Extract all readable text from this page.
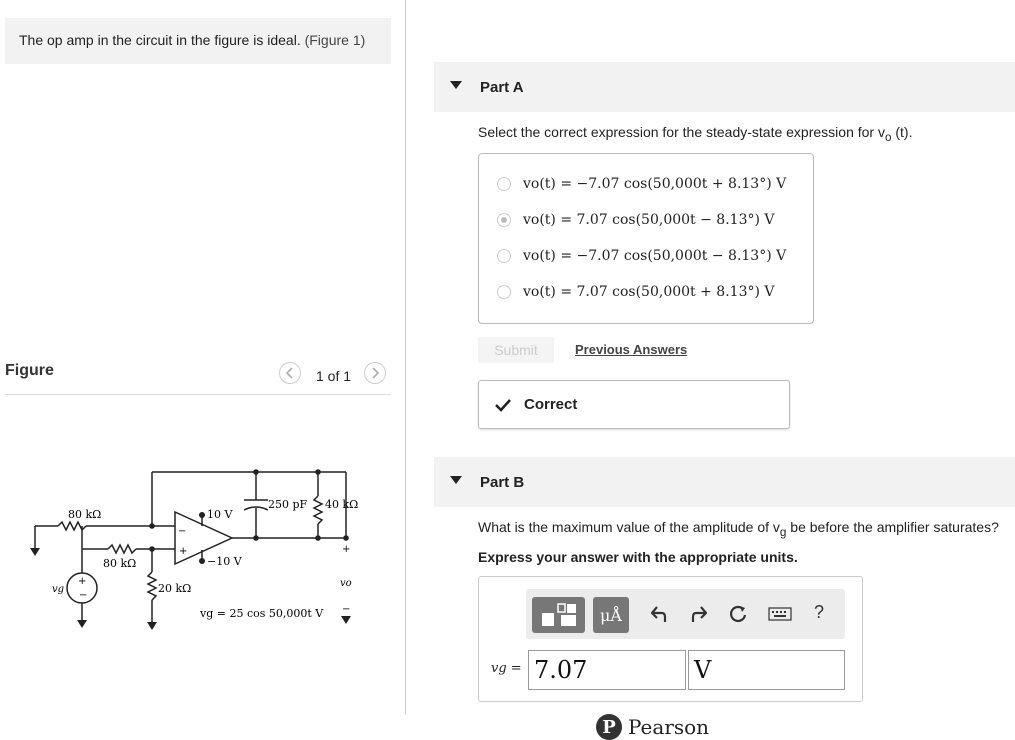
The op amp in the circuit in the figure is ideal. (Figure 1)
Figure	1 of 1
80 kΩ
80 kΩ
20 kΩ
40 kΩ
250 pF
10 V
−10 V
−
+
+
−
vg
+
vo
−
vg = 25 cos 50,000t V
Part A
Select the correct expression for the steady-state expression for $v_o$ (t).
vo(t) = −7.07 cos(50,000t + 8.13°) V
vo(t) = 7.07 cos(50,000t − 8.13°) V
vo(t) = −7.07 cos(50,000t − 8.13°) V
vo(t) = 7.07 cos(50,000t + 8.13°) V
Submit	Previous Answers
Correct
Part B
What is the maximum value of the amplitude of $v_g$ be before the amplifier saturates?
Express your answer with the appropriate units.
μÅ	?
vg = 7.07	V
P Pearson
